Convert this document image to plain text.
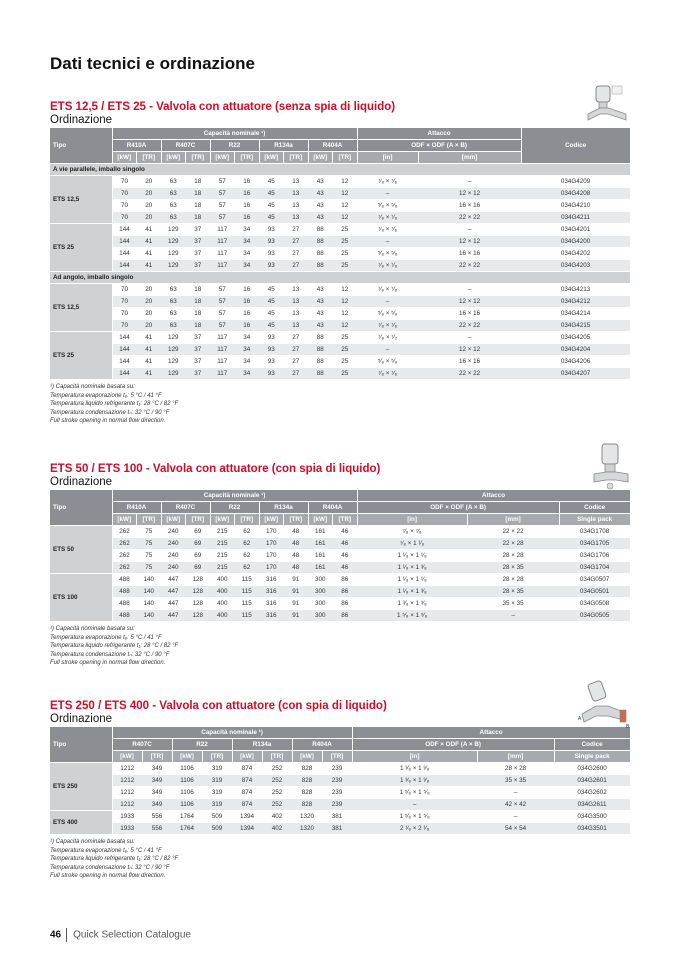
Dati tecnici e ordinazione
ETS 12,5 / ETS 25 - Valvola con attuatore (senza spia di liquido)
Ordinazione
Tipo	Capacità nominale ¹)										Attacco		Codice
	R410A		R407C		R22		R134a		R404A		ODF × ODF (A × B)		
	[kW]	[TR]	[kW]	[TR]	[kW]	[TR]	[kW]	[TR]	[kW]	[TR]	[in]	[mm]	
A vie parallele, imballo singolo													
ETS 12,5	70	20	63	18	57	16	45	13	43	12	⁷⁄₈ × ⁷⁄₈	–	034G4209
	70	20	63	18	57	16	45	13	43	12	–	12 × 12	034G4208
	70	20	63	18	57	16	45	13	43	12	⁵⁄₈ × ⁵⁄₈	16 × 16	034G4210
	70	20	63	18	57	16	45	13	43	12	⁷⁄₈ × ⁷⁄₈	22 × 22	034G4211
ETS 25	144	41	129	37	117	34	93	27	88	25	⁷⁄₈ × ⁷⁄₈	–	034G4201
	144	41	129	37	117	34	93	27	88	25	–	12 × 12	034G4200
	144	41	129	37	117	34	93	27	88	25	⁵⁄₈ × ⁵⁄₈	16 × 16	034G4202
	144	41	129	37	117	34	93	27	88	25	⁷⁄₈ × ⁷⁄₈	22 × 22	034G4203
Ad angolo, imballo singolo													
ETS 12,5	70	20	63	18	57	16	45	13	43	12	⁷⁄₈ × ⁷⁄₈	–	034G4213
	70	20	63	18	57	16	45	13	43	12	–	12 × 12	034G4212
	70	20	63	18	57	16	45	13	43	12	⁵⁄₈ × ⁵⁄₈	16 × 16	034G4214
	70	20	63	18	57	16	45	13	43	12	⁷⁄₈ × ⁷⁄₈	22 × 22	034G4215
ETS 25	144	41	129	37	117	34	93	27	88	25	⁷⁄₈ × ⁷⁄₂	–	034G4205
	144	41	129	37	117	34	93	27	88	25	–	12 × 12	034G4204
	144	41	129	37	117	34	93	27	88	25	⁵⁄₈ × ⁵⁄₈	16 × 16	034G4206
	144	41	129	37	117	34	93	27	88	25	⁷⁄₈ × ⁷⁄₈	22 × 22	034G4207
¹) Capacità nominale basata su:
Temperatura evaporazione tₑ: 5 °C / 41 °F
Temperatura liquido refrigerante t₁: 28 °C / 82 °F
Temperatura condensazione tₙ: 32 °C / 90 °F
Full stroke opening in normal flow direction.
ETS 50 / ETS 100 - Valvola con attuatore (con spia di liquido)
Ordinazione
Tipo	Capacità nominale ¹)										Attacco		
	R410A		R407C		R22		R134a		R404A		ODF × ODF (A × B)		Codice
	[kW]	[TR]	[kW]	[TR]	[kW]	[TR]	[kW]	[TR]	[kW]	[TR]	[in]	[mm]	Single pack
ETS 50	262	75	240	69	215	62	170	48	161	46	⁷⁄₈ × ⁷⁄₈	22 × 22	034G1708
	262	75	240	69	215	62	170	48	161	46	⁷⁄₈ × 1 ¹⁄₈	22 × 28	034G1705
	262	75	240	69	215	62	170	48	161	46	1 ¹⁄₈ × 1 ¹⁄₈	28 × 28	034G1706
	262	75	240	69	215	62	170	48	161	46	1 ¹⁄₈ × 1 ³⁄₈	28 × 35	034G1704
ETS 100	488	140	447	128	400	115	316	91	300	86	1 ¹⁄₈ × 1 ¹⁄₈	28 × 28	034G0507
	488	140	447	128	400	115	316	91	300	86	1 ¹⁄₈ × 1 ³⁄₈	28 × 35	034G0501
	488	140	447	128	400	115	316	91	300	86	1 ³⁄₈ × 1 ³⁄₈	35 × 35	034G0508
	488	140	447	128	400	115	316	91	300	86	1 ⁵⁄₈ × 1 ⁵⁄₈	–	034G0505
¹) Capacità nominale basata su:
Temperatura evaporazione tₑ: 5 °C / 41 °F
Temperatura liquido refrigerante t₁: 28 °C / 82 °F
Temperatura condensazione tₙ: 32 °C / 90 °F
Full stroke opening in normal flow direction.
ETS 250 / ETS 400 - Valvola con attuatore (con spia di liquido)
Ordinazione
Tipo	Capacità nominale ¹)								Attacco		
	R407C		R22		R134a		R404A		ODF × ODF (A × B)		Codice
	[kW]	[TR]	[kW]	[TR]	[kW]	[TR]	[kW]	[TR]	[in]	[mm]	Single pack
ETS 250	1212	349	1106	319	874	252	828	239	1 ³⁄₈ × 1 ³⁄₈	28 × 28	034G2600
	1212	349	1106	319	874	252	828	239	1 ³⁄₈ × 1 ³⁄₈	35 × 35	034G2601
	1212	349	1106	319	874	252	828	239	1 ⁵⁄₈ × 1 ⁵⁄₈	–	034G2602
	1212	349	1106	319	874	252	828	239	–	42 × 42	034G2611
ETS 400	1933	556	1764	509	1394	402	1320	381	1 ⁵⁄₈ × 1 ⁵⁄₈	–	034G3500
	1933	556	1764	509	1394	402	1320	381	2 ¹⁄₈ × 2 ¹⁄₈	54 × 54	034G3501
¹) Capacità nominale basata su:
Temperatura evaporazione tₑ: 5 °C / 41 °F
Temperatura liquido refrigerante t₁: 28 °C / 82 °F
Temperatura condensazione tₙ: 32 °C / 90 °F
Full stroke opening in normal flow direction.
A
B
46 Quick Selection Catalogue
